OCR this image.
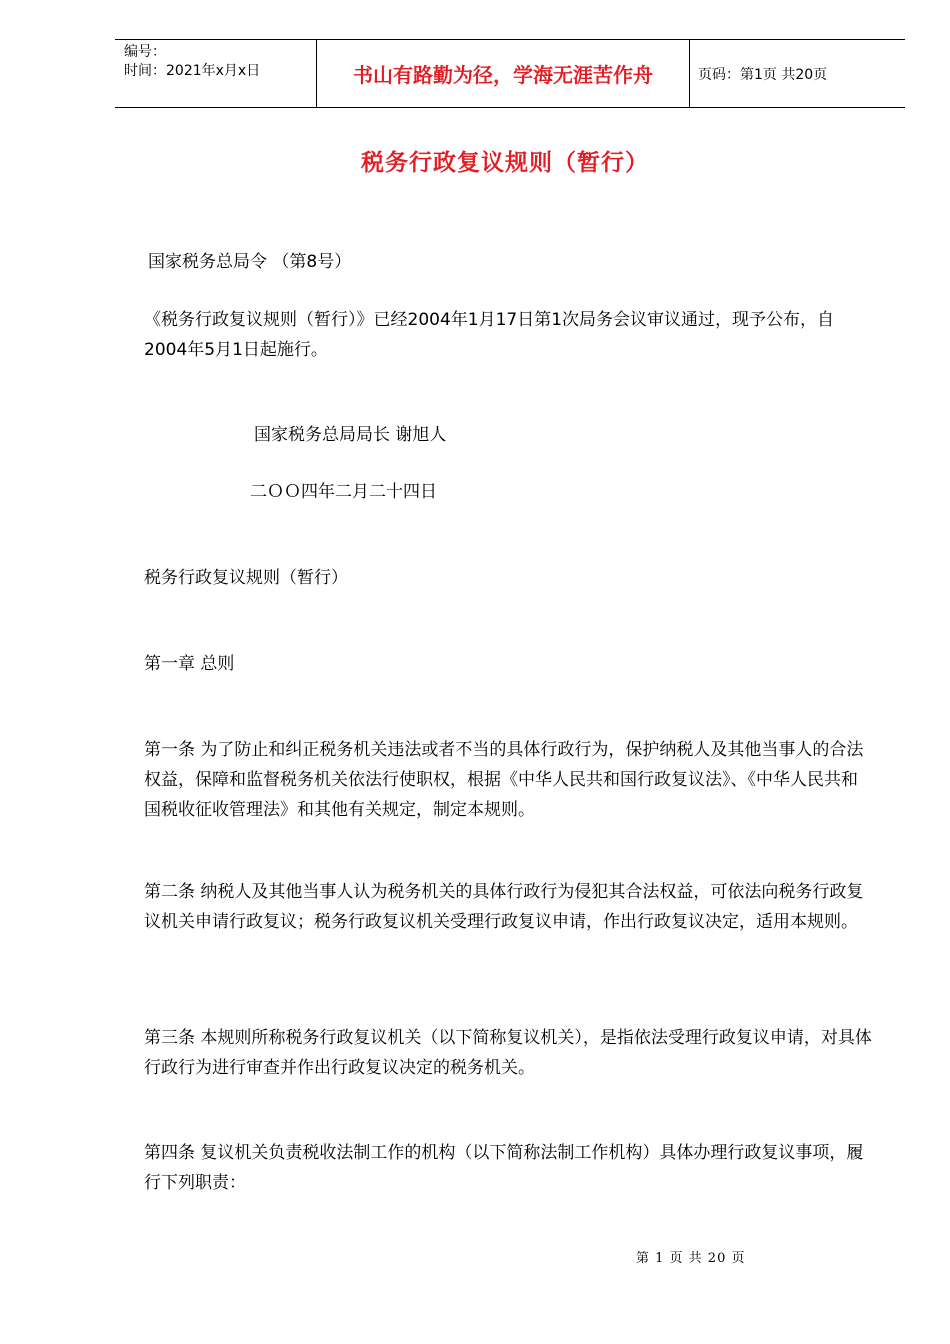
编号：
时间：2021年x月x日	书山有路勤为径，学海无涯苦作舟	页码：第1页 共20页
税务行政复议规则（暂行）

国家税务总局令 （第8号）

《税务行政复议规则（暂行）》已经2004年1月17日第1次局务会议审议通过，现予公布，自2004年5月1日起施行。

国家税务总局局长 谢旭人

二ＯＯ四年二月二十四日

税务行政复议规则（暂行）

第一章 总则

第一条 为了防止和纠正税务机关违法或者不当的具体行政行为，保护纳税人及其他当事人的合法权益，保障和监督税务机关依法行使职权，根据《中华人民共和国行政复议法》、《中华人民共和国税收征收管理法》和其他有关规定，制定本规则。

第二条 纳税人及其他当事人认为税务机关的具体行政行为侵犯其合法权益，可依法向税务行政复议机关申请行政复议；税务行政复议机关受理行政复议申请，作出行政复议决定，适用本规则。

第三条 本规则所称税务行政复议机关（以下简称复议机关），是指依法受理行政复议申请，对具体行政行为进行审查并作出行政复议决定的税务机关。

第四条 复议机关负责税收法制工作的机构（以下简称法制工作机构）具体办理行政复议事项，履行下列职责：

第 1 页 共 20 页
